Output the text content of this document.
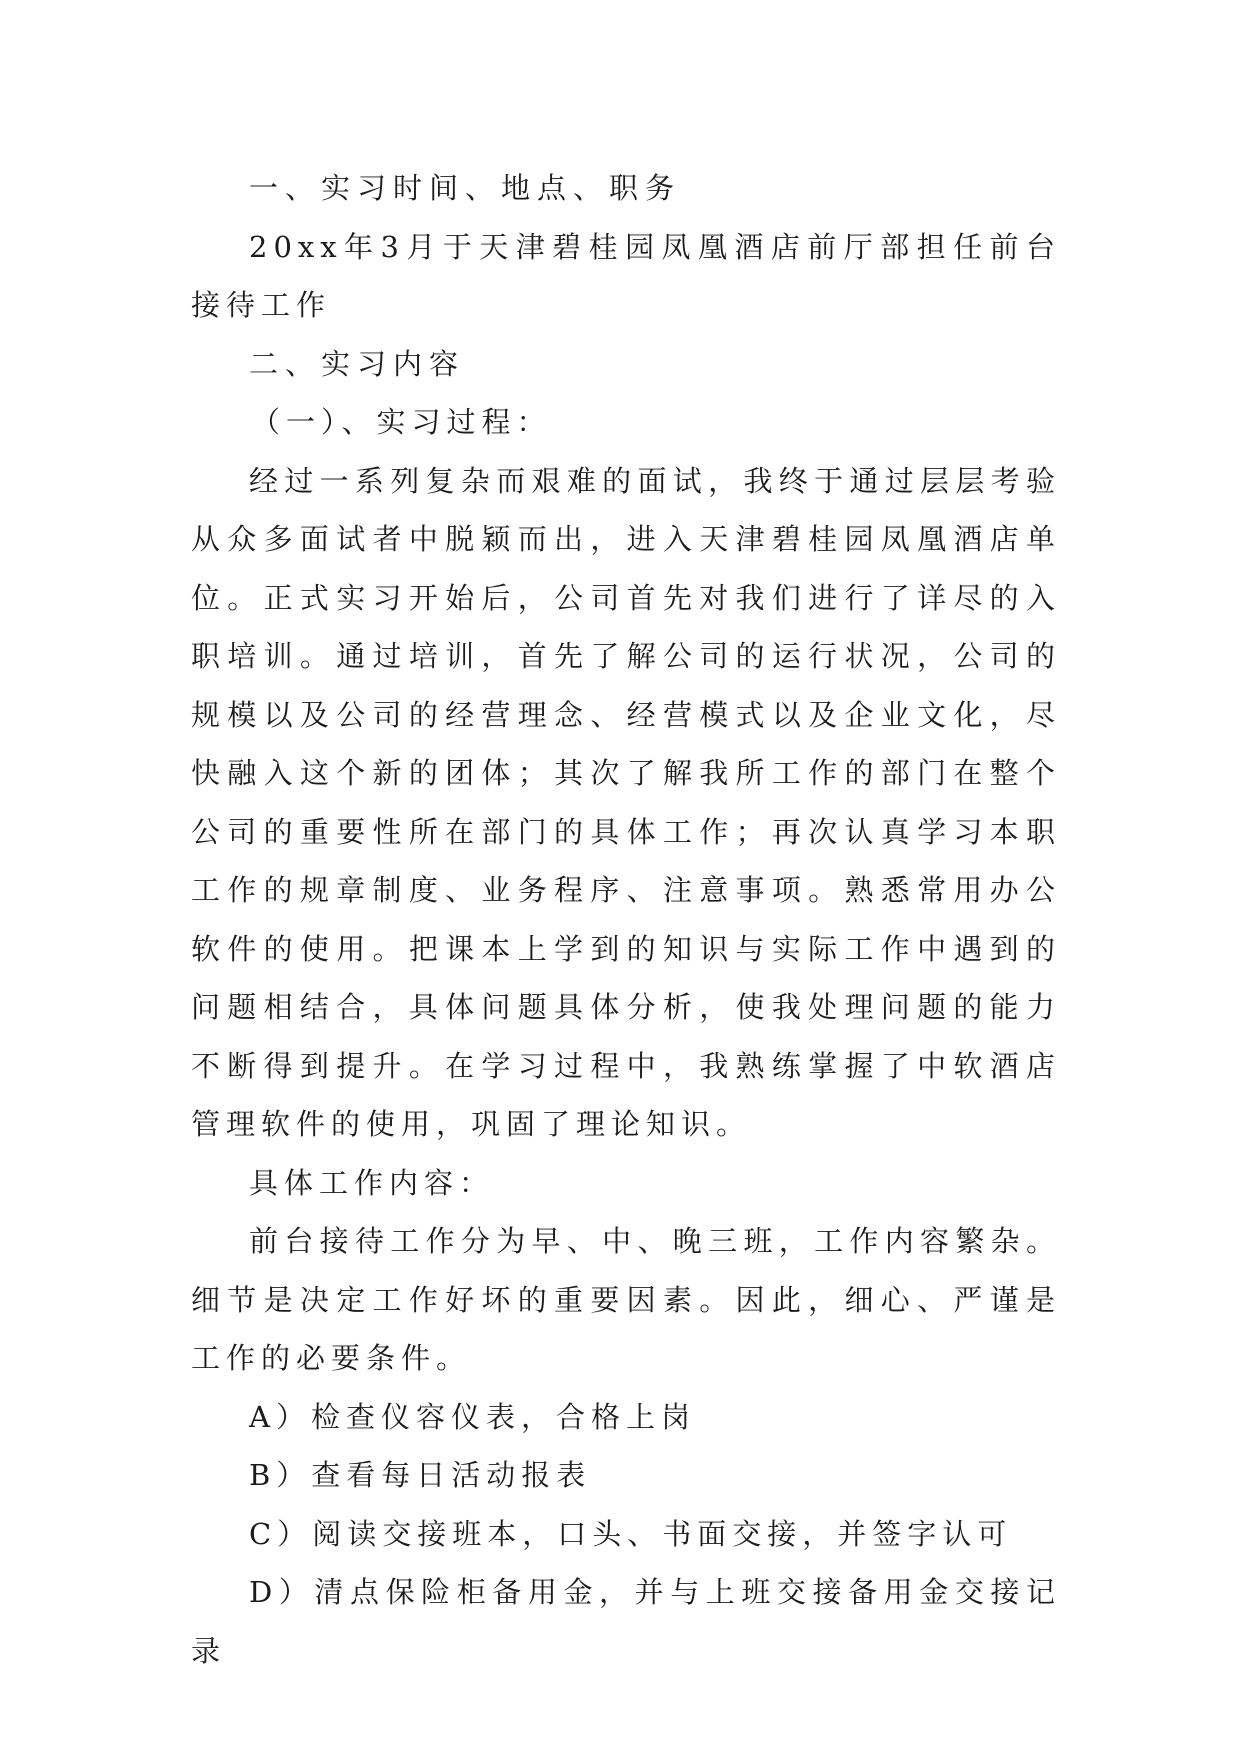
一、实习时间、地点、职务

20xx年3月于天津碧桂园凤凰酒店前厅部担任前台接待工作

二、实习内容

（一）、实习过程：

经过一系列复杂而艰难的面试，我终于通过层层考验从众多面试者中脱颖而出，进入天津碧桂园凤凰酒店单位。正式实习开始后，公司首先对我们进行了详尽的入职培训。通过培训，首先了解公司的运行状况，公司的规模以及公司的经营理念、经营模式以及企业文化，尽快融入这个新的团体；其次了解我所工作的部门在整个公司的重要性所在部门的具体工作；再次认真学习本职工作的规章制度、业务程序、注意事项。熟悉常用办公软件的使用。把课本上学到的知识与实际工作中遇到的问题相结合，具体问题具体分析，使我处理问题的能力不断得到提升。在学习过程中，我熟练掌握了中软酒店管理软件的使用，巩固了理论知识。

具体工作内容：

前台接待工作分为早、中、晚三班，工作内容繁杂。细节是决定工作好坏的重要因素。因此，细心、严谨是工作的必要条件。

A）检查仪容仪表，合格上岗

B）查看每日活动报表

C）阅读交接班本，口头、书面交接，并签字认可

D）清点保险柜备用金，并与上班交接备用金交接记录
